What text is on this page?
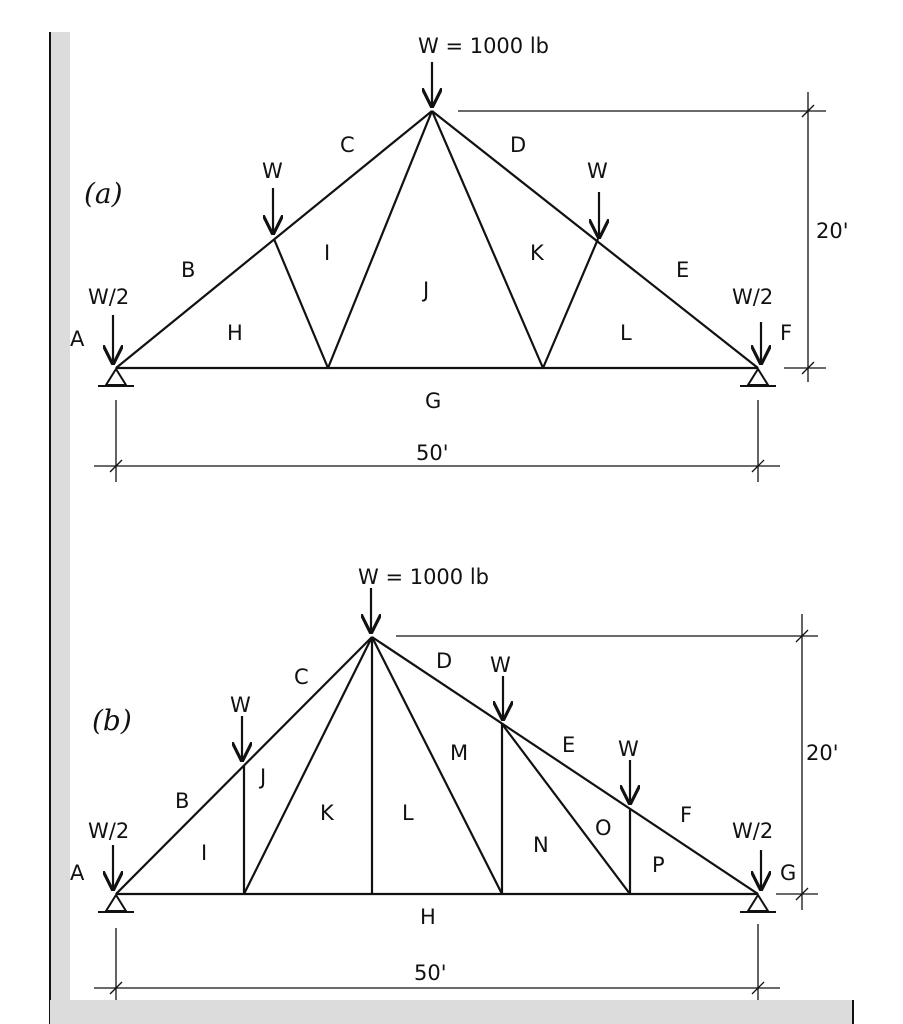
(a)
W = 1000 lb
W	W
W/2	W/2
50'
20'
A
B
C	D
E
F
G
H
I
J
K
L
(b)
W = 1000 lb
W
W
W
W/2	W/2
50'
20'
A
B
C
D
E
F
G
H
I
J
K	L
M
N
O
P
